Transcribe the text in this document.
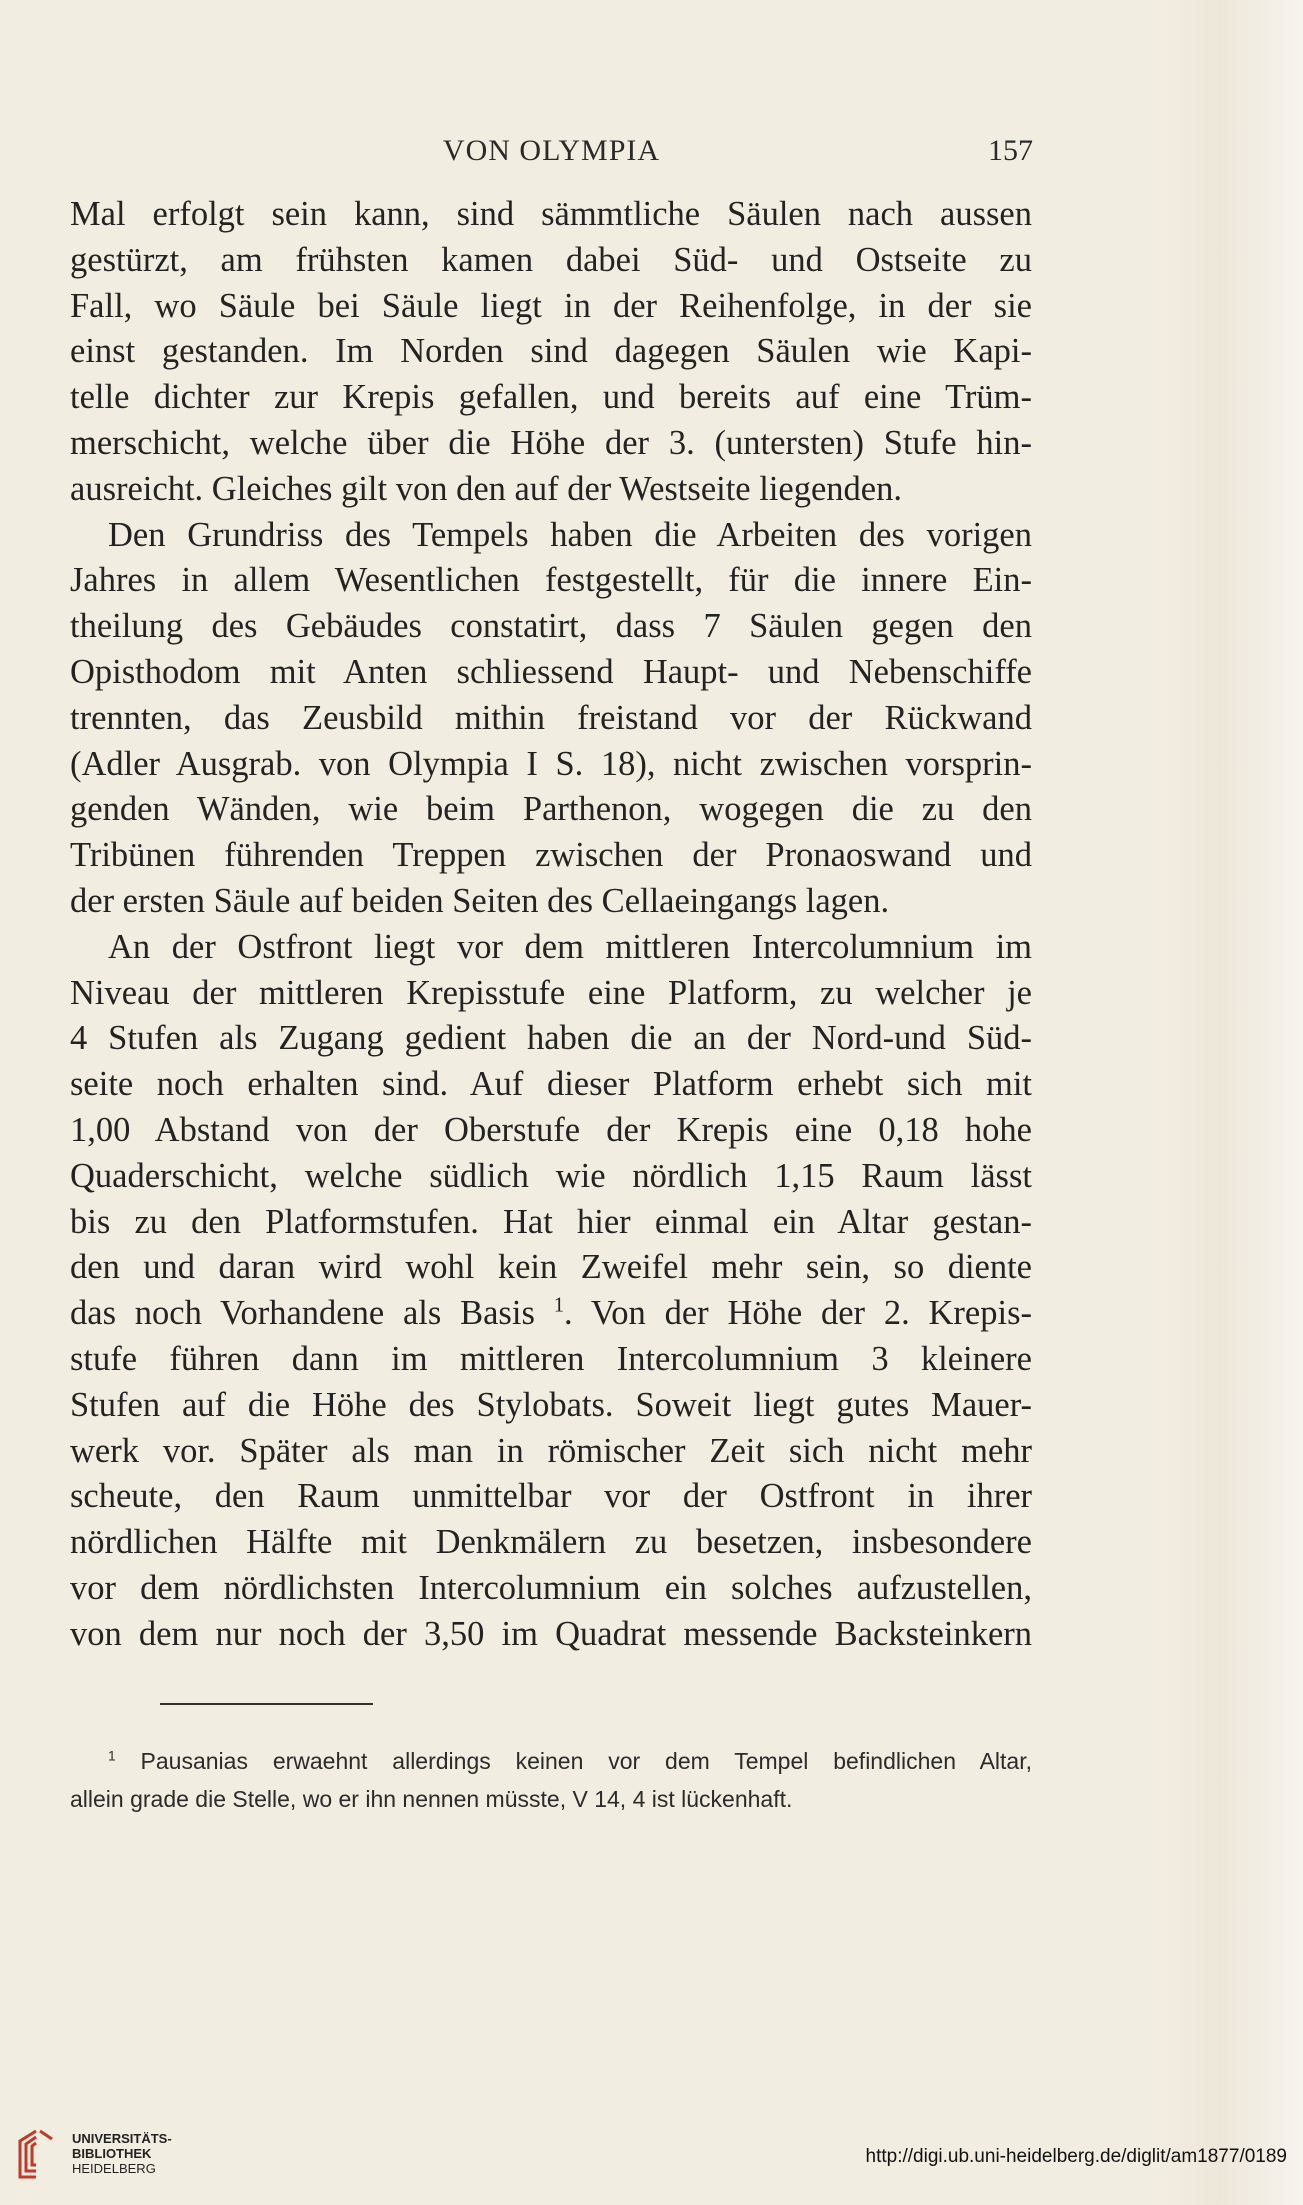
VON OLYMPIA	157
Mal erfolgt sein kann, sind sämmtliche Säulen nach aussen
gestürzt, am frühsten kamen dabei Süd- und Ostseite zu
Fall, wo Säule bei Säule liegt in der Reihenfolge, in der sie
einst gestanden. Im Norden sind dagegen Säulen wie Kapi-
telle dichter zur Krepis gefallen, und bereits auf eine Trüm-
merschicht, welche über die Höhe der 3. (untersten) Stufe hin-
ausreicht. Gleiches gilt von den auf der Westseite liegenden.
Den Grundriss des Tempels haben die Arbeiten des vorigen
Jahres in allem Wesentlichen festgestellt, für die innere Ein-
theilung des Gebäudes constatirt, dass 7 Säulen gegen den
Opisthodom mit Anten schliessend Haupt- und Nebenschiffe
trennten, das Zeusbild mithin freistand vor der Rückwand
(Adler Ausgrab. von Olympia I S. 18), nicht zwischen vorsprin-
genden Wänden, wie beim Parthenon, wogegen die zu den
Tribünen führenden Treppen zwischen der Pronaoswand und
der ersten Säule auf beiden Seiten des Cellaeingangs lagen.
An der Ostfront liegt vor dem mittleren Intercolumnium im
Niveau der mittleren Krepisstufe eine Platform, zu welcher je
4 Stufen als Zugang gedient haben die an der Nord-und Süd-
seite noch erhalten sind. Auf dieser Platform erhebt sich mit
1,00 Abstand von der Oberstufe der Krepis eine 0,18 hohe
Quaderschicht, welche südlich wie nördlich 1,15 Raum lässt
bis zu den Platformstufen. Hat hier einmal ein Altar gestan-
den und daran wird wohl kein Zweifel mehr sein, so diente
das noch Vorhandene als Basis $^1$. Von der Höhe der 2. Krepis-
stufe führen dann im mittleren Intercolumnium 3 kleinere
Stufen auf die Höhe des Stylobats. Soweit liegt gutes Mauer-
werk vor. Später als man in römischer Zeit sich nicht mehr
scheute, den Raum unmittelbar vor der Ostfront in ihrer
nördlichen Hälfte mit Denkmälern zu besetzen, insbesondere
vor dem nördlichsten Intercolumnium ein solches aufzustellen,
von dem nur noch der 3,50 im Quadrat messende Backsteinkern
$^1$ Pausanias erwaehnt allerdings keinen vor dem Tempel befindlichen Altar,
allein grade die Stelle, wo er ihn nennen müsste, V 14, 4 ist lückenhaft.
UNIVERSITÄTS-
BIBLIOTHEK
HEIDELBERG
http://digi.ub.uni-heidelberg.de/diglit/am1877/0189
